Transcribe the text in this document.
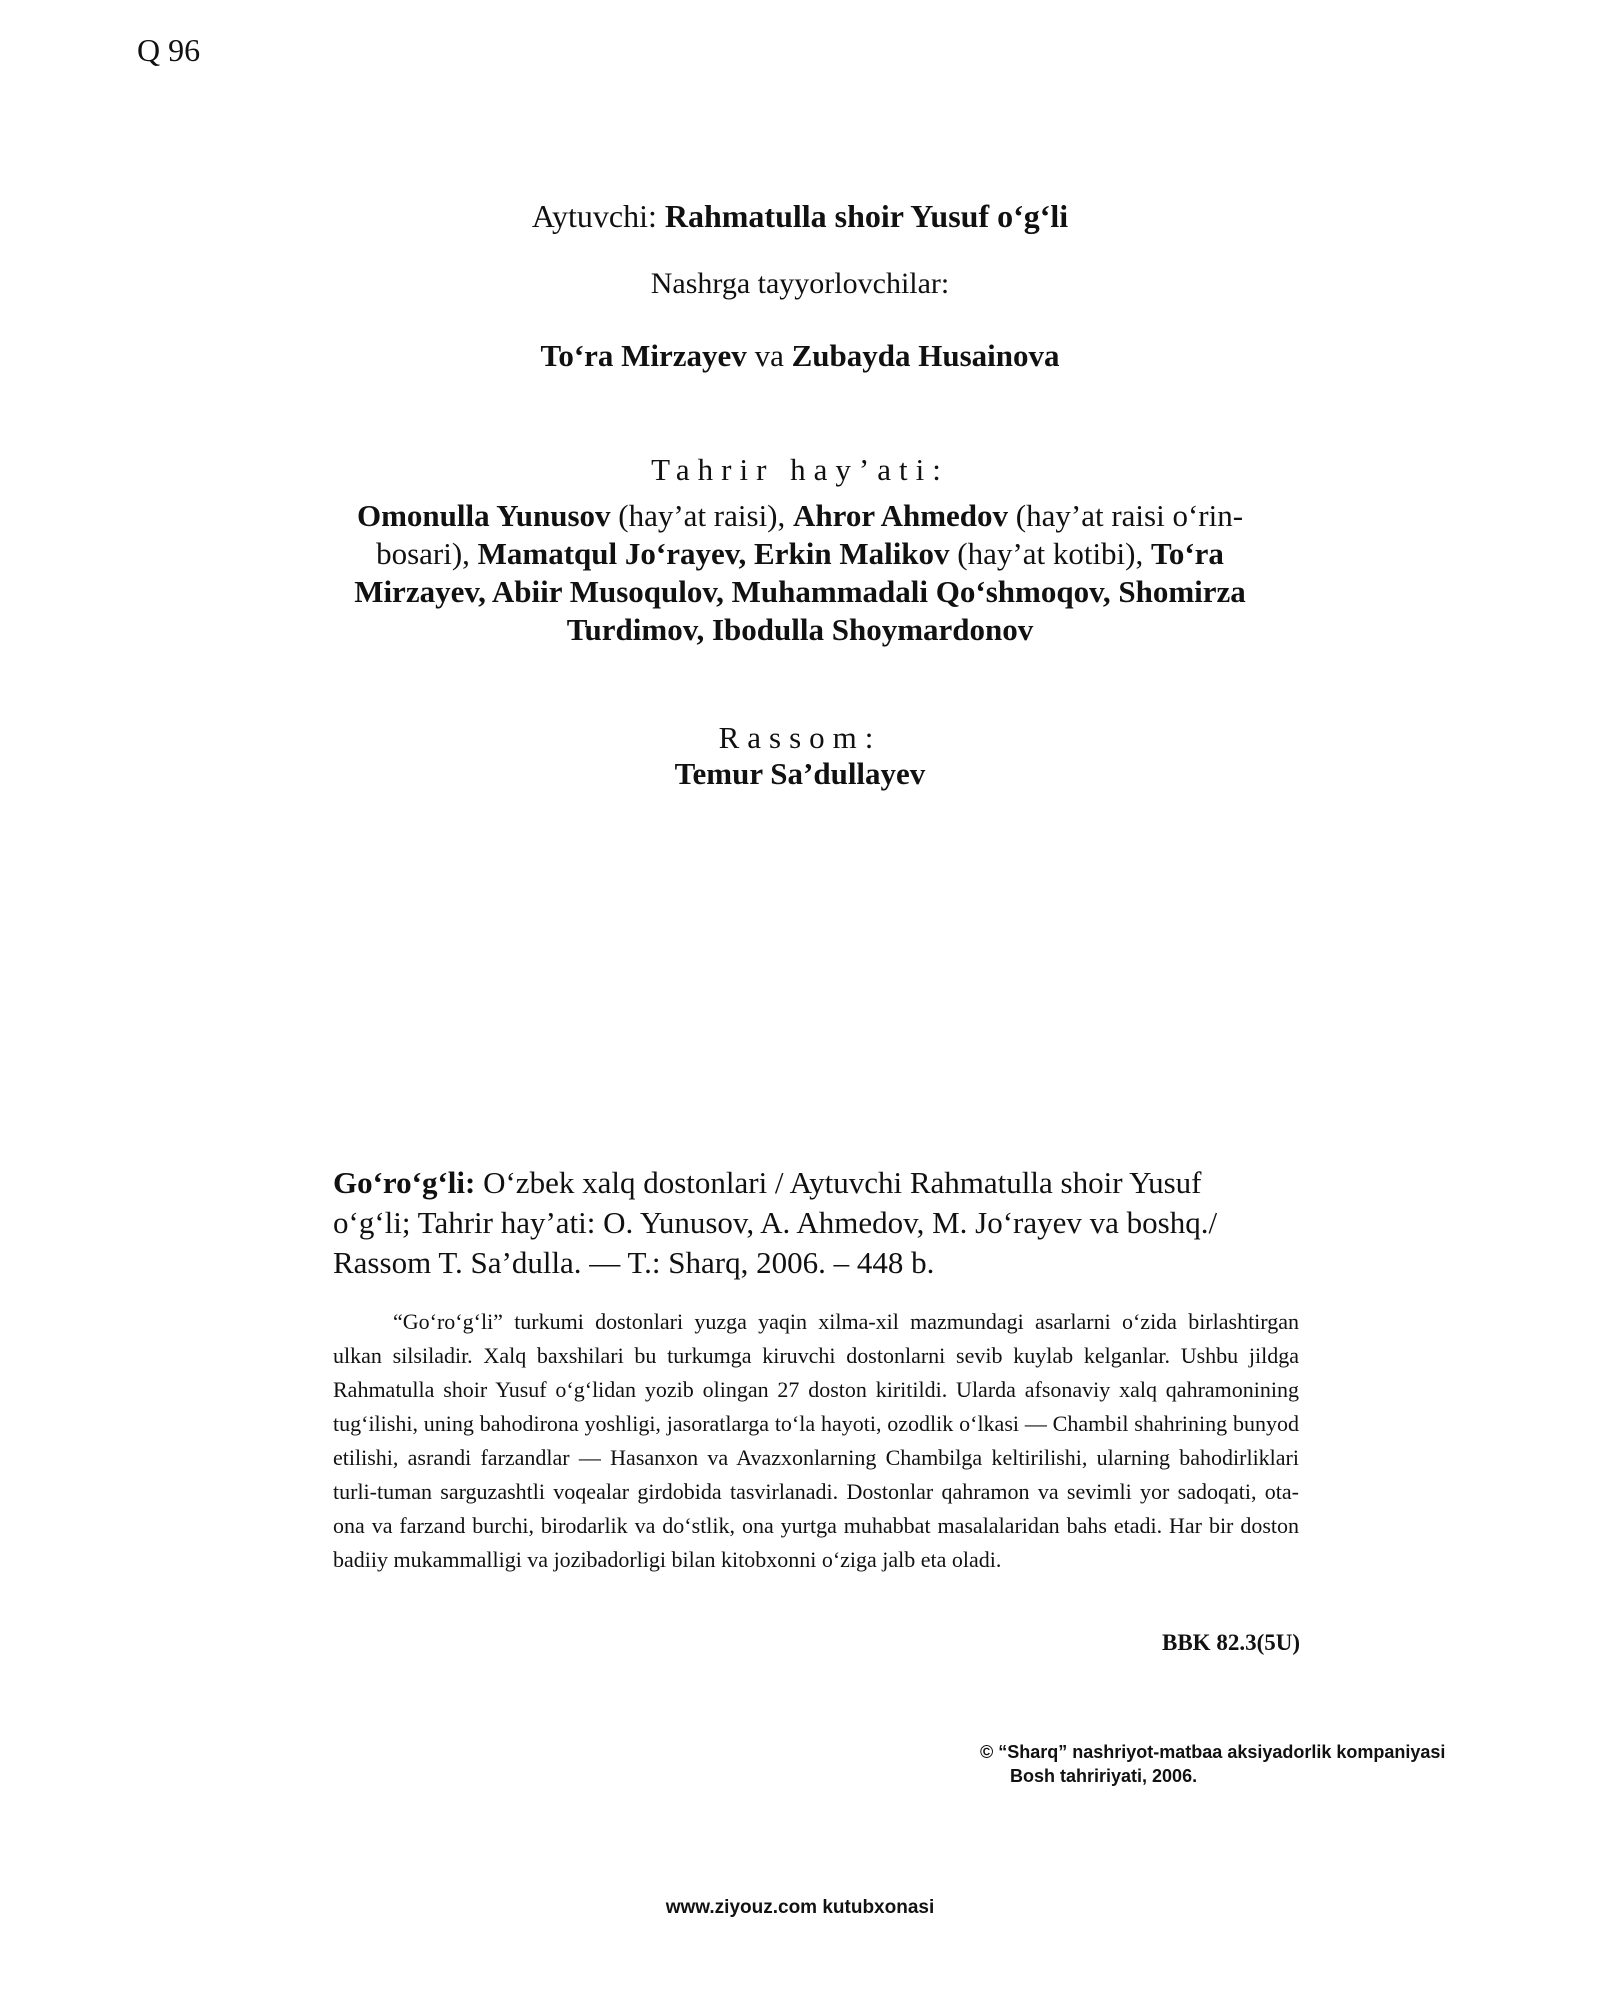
Q 96
Aytuvchi: Rahmatulla shoir Yusuf o‘g‘li
Nashrga tayyorlovchilar:
To‘ra Mirzayev va Zubayda Husainova
Tahrir hay’ati:
Omonulla Yunusov (hay’at raisi), Ahror Ahmedov (hay’at raisi o‘rin-bosari), Mamatqul Jo‘rayev, Erkin Malikov (hay’at kotibi), To‘ra Mirzayev, Abiir Musoqulov, Muhammadali Qo‘shmoqov, Shomirza Turdimov, Ibodulla Shoymardonov
Rassom:
Temur Sa’dullayev
Go‘ro‘g‘li: O‘zbek xalq dostonlari / Aytuvchi Rahmatulla shoir Yusuf
o‘g‘li; Tahrir hay’ati: O. Yunusov, A. Ahmedov, M. Jo‘rayev va boshq./
Rassom T. Sa’dulla. — T.: Sharq, 2006. – 448 b.
“Go‘ro‘g‘li” turkumi dostonlari yuzga yaqin xilma-xil mazmundagi asarlarni o‘zida birlashtirgan ulkan silsiladir. Xalq baxshilari bu turkumga kiruvchi dostonlarni sevib kuylab kelganlar. Ushbu jildga Rahmatulla shoir Yusuf o‘g‘lidan yozib olingan 27 doston kiritildi. Ularda afsonaviy xalq qahramonining tug‘ilishi, uning bahodirona yoshligi, jasoratlarga to‘la hayoti, ozodlik o‘lkasi — Chambil shahrining bunyod etilishi, asrandi farzandlar — Hasanxon va Avazxonlarning Chambilga keltirilishi, ularning bahodirliklari turli-tuman sarguzashtli voqealar girdobida tasvirlanadi. Dostonlar qahramon va sevimli yor sadoqati, ota-ona va farzand burchi, birodarlik va do‘stlik, ona yurtga muhabbat masalalaridan bahs etadi. Har bir doston badiiy mukammalligi va jozibadorligi bilan kitobxonni o‘ziga jalb eta oladi.
BBK 82.3(5U)
© “Sharq” nashriyot-matbaa aksiyadorlik kompaniyasi
Bosh tahririyati, 2006.
www.ziyouz.com kutubxonasi
